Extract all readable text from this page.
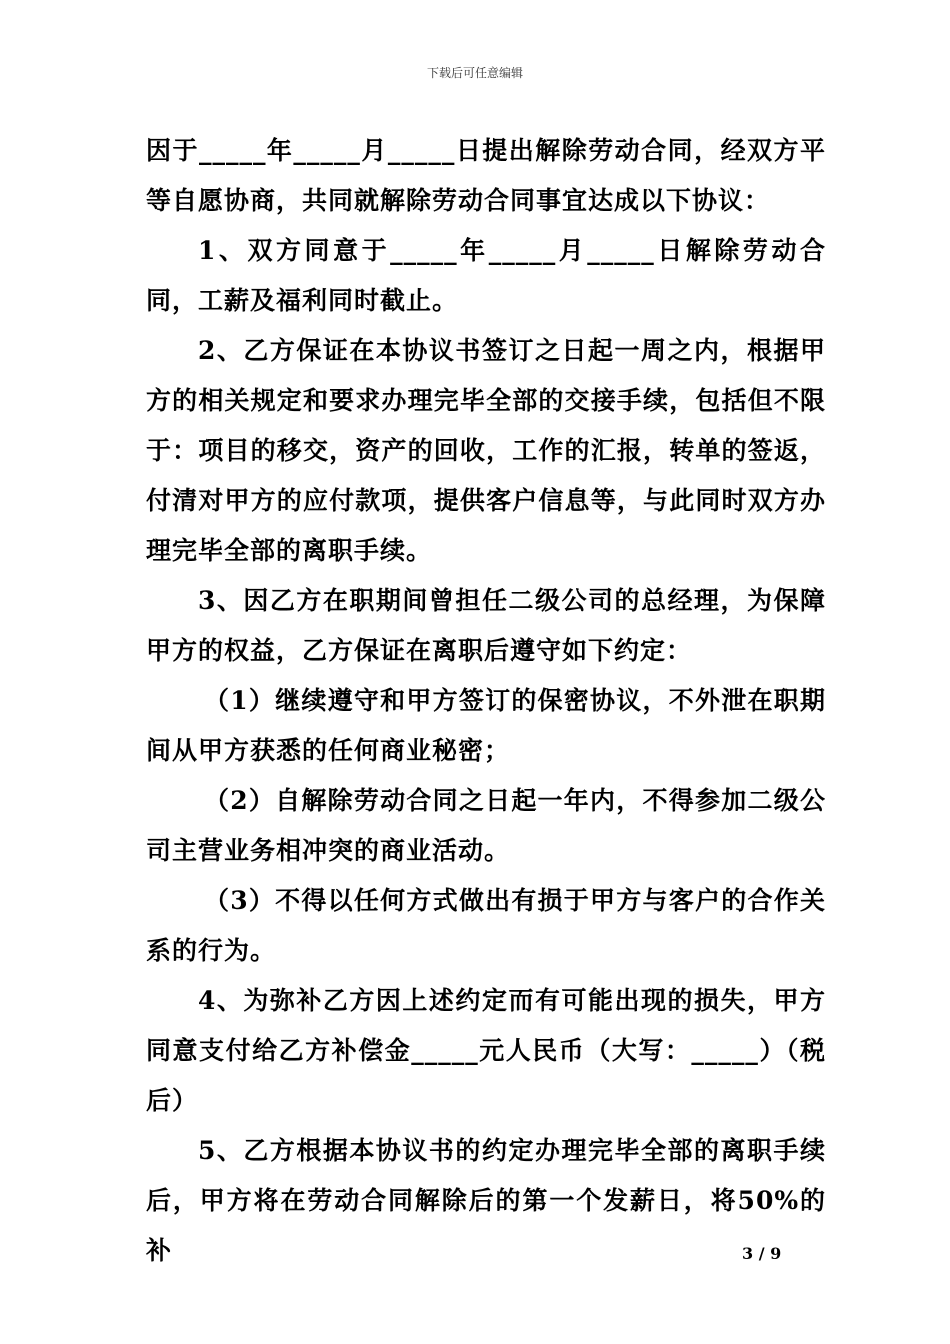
下载后可任意编辑

因于_____年_____月_____日提出解除劳动合同，经双方平等自愿协商，共同就解除劳动合同事宜达成以下协议：

1、双方同意于_____年_____月_____日解除劳动合同，工薪及福利同时截止。

2、乙方保证在本协议书签订之日起一周之内，根据甲方的相关规定和要求办理完毕全部的交接手续，包括但不限于：项目的移交，资产的回收，工作的汇报，转单的签返，付清对甲方的应付款项，提供客户信息等，与此同时双方办理完毕全部的离职手续。

3、因乙方在职期间曾担任二级公司的总经理，为保障甲方的权益，乙方保证在离职后遵守如下约定：

（1）继续遵守和甲方签订的保密协议，不外泄在职期间从甲方获悉的任何商业秘密；

（2）自解除劳动合同之日起一年内，不得参加二级公司主营业务相冲突的商业活动。

（3）不得以任何方式做出有损于甲方与客户的合作关系的行为。

4、为弥补乙方因上述约定而有可能出现的损失，甲方同意支付给乙方补偿金_____元人民币（大写：_____）（税后）

5、乙方根据本协议书的约定办理完毕全部的离职手续后，甲方将在劳动合同解除后的第一个发薪日，将50%的补	3 / 9
